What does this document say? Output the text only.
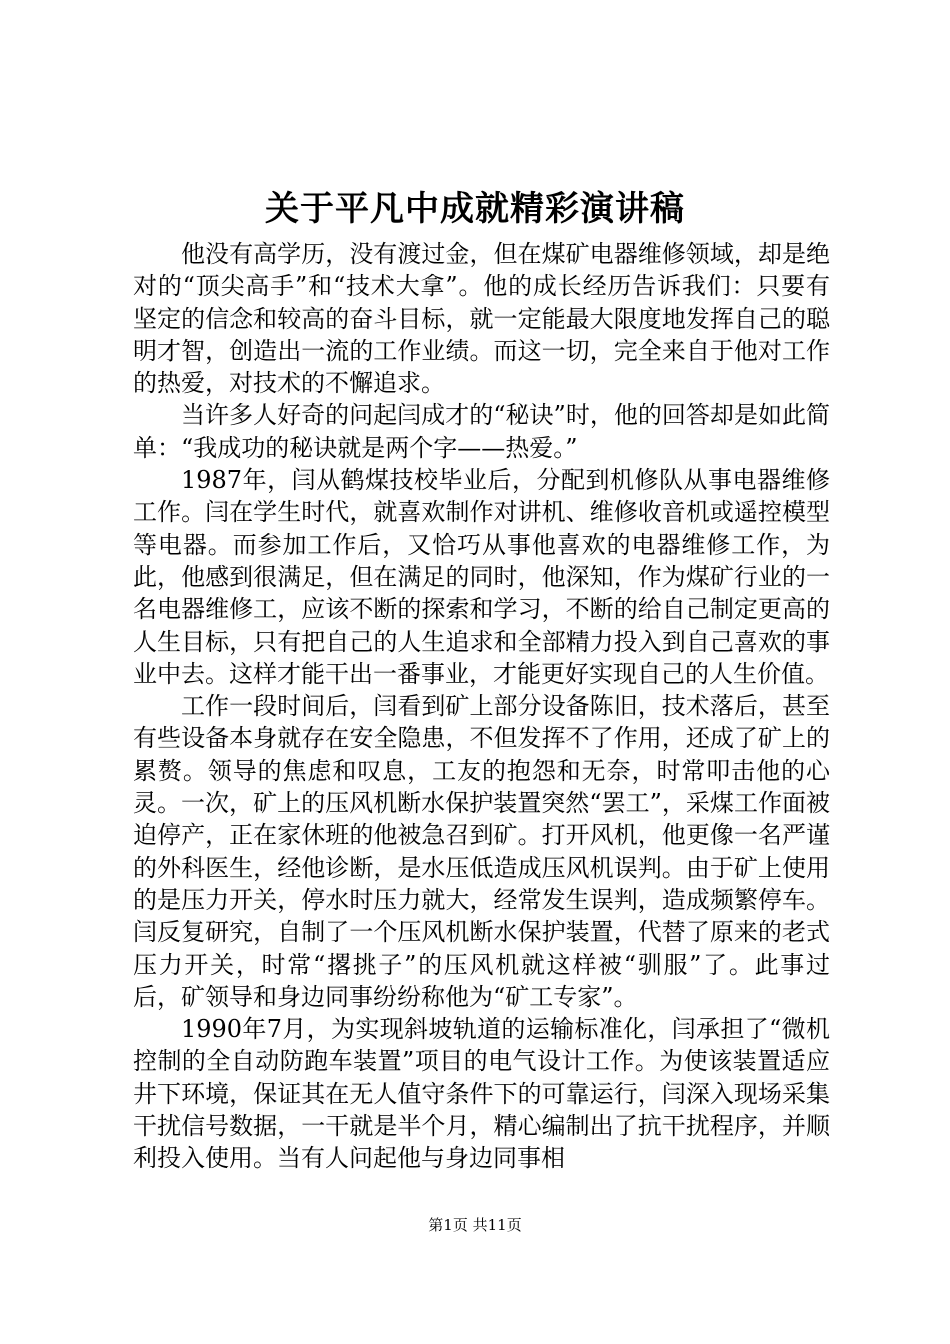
关于平凡中成就精彩演讲稿

他没有高学历，没有渡过金，但在煤矿电器维修领域，却是绝对的“顶尖高手”和“技术大拿”。他的成长经历告诉我们：只要有坚定的信念和较高的奋斗目标，就一定能最大限度地发挥自己的聪明才智，创造出一流的工作业绩。而这一切，完全来自于他对工作的热爱，对技术的不懈追求。

当许多人好奇的问起闫成才的“秘诀”时，他的回答却是如此简单：“我成功的秘诀就是两个字——热爱。”

1987年，闫从鹤煤技校毕业后，分配到机修队从事电器维修工作。闫在学生时代，就喜欢制作对讲机、维修收音机或遥控模型等电器。而参加工作后，又恰巧从事他喜欢的电器维修工作，为此，他感到很满足，但在满足的同时，他深知，作为煤矿行业的一名电器维修工，应该不断的探索和学习，不断的给自己制定更高的人生目标，只有把自己的人生追求和全部精力投入到自己喜欢的事业中去。这样才能干出一番事业，才能更好实现自己的人生价值。

工作一段时间后，闫看到矿上部分设备陈旧，技术落后，甚至有些设备本身就存在安全隐患，不但发挥不了作用，还成了矿上的累赘。领导的焦虑和叹息，工友的抱怨和无奈，时常叩击他的心灵。一次，矿上的压风机断水保护装置突然“罢工”，采煤工作面被迫停产，正在家休班的他被急召到矿。打开风机，他更像一名严谨的外科医生，经他诊断，是水压低造成压风机误判。由于矿上使用的是压力开关，停水时压力就大，经常发生误判，造成频繁停车。闫反复研究，自制了一个压风机断水保护装置，代替了原来的老式压力开关，时常“撂挑子”的压风机就这样被“驯服”了。此事过后，矿领导和身边同事纷纷称他为“矿工专家”。

1990年7月，为实现斜坡轨道的运输标准化，闫承担了“微机控制的全自动防跑车装置”项目的电气设计工作。为使该装置适应井下环境，保证其在无人值守条件下的可靠运行，闫深入现场采集干扰信号数据，一干就是半个月，精心编制出了抗干扰程序，并顺利投入使用。当有人问起他与身边同事相

第1页 共11页
